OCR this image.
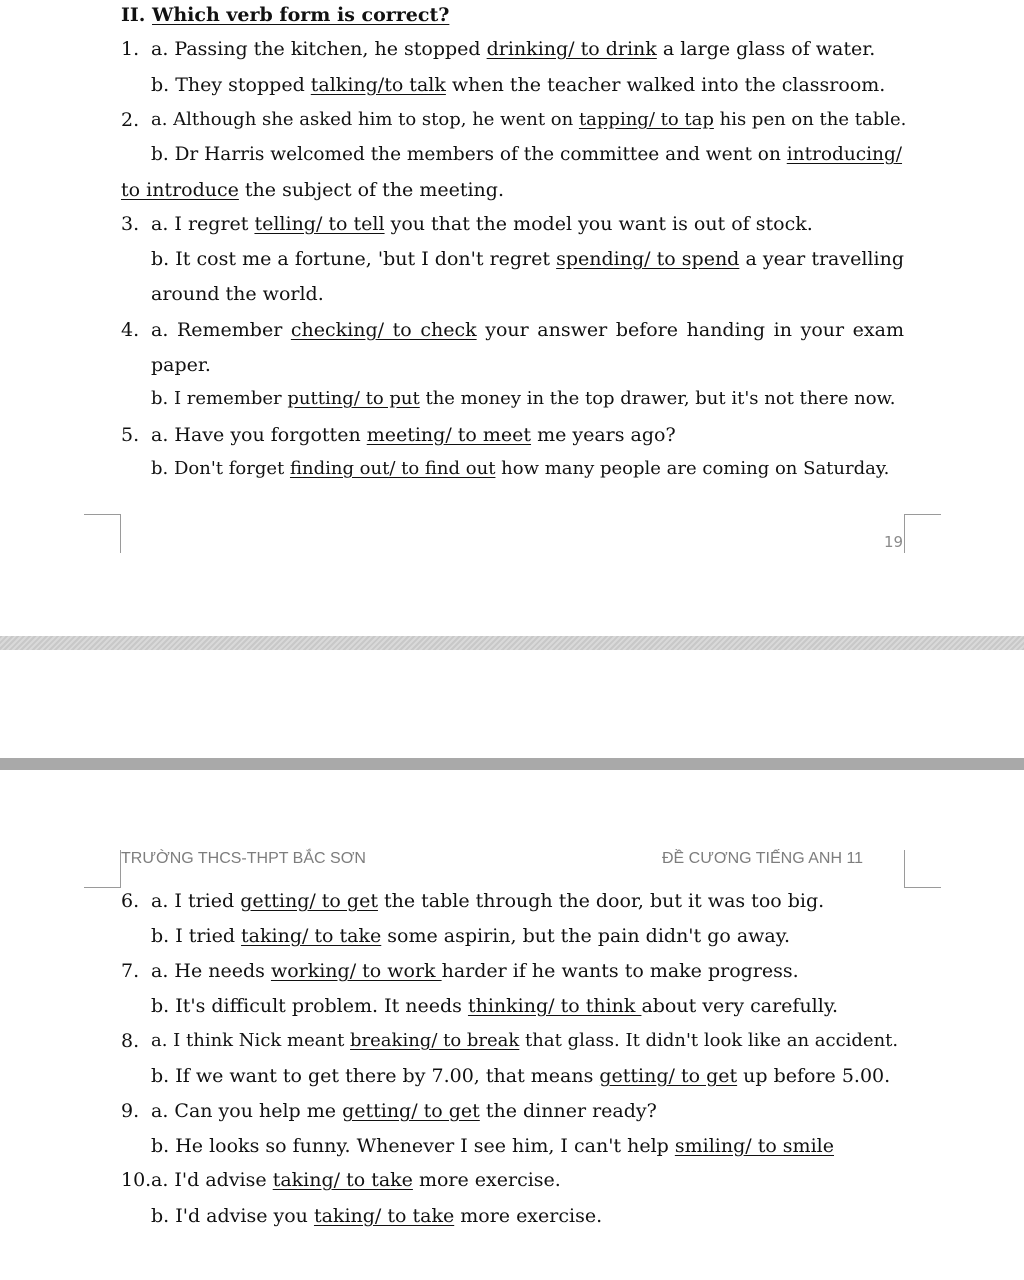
II. Which verb form is correct?
1. a. Passing the kitchen, he stopped drinking/ to drink a large glass of water.
b. They stopped talking/to talk when the teacher walked into the classroom.
2. a. Although she asked him to stop, he went on tapping/ to tap his pen on the table.
b. Dr Harris welcomed the members of the committee and went on introducing/
to introduce the subject of the meeting.
3. a. I regret telling/ to tell you that the model you want is out of stock.
b. It cost me a fortune, 'but I don't regret spending/ to spend a year travelling
around the world.
4. a. Remember checking/ to check your answer before handing in your exam
paper.
b. I remember putting/ to put the money in the top drawer, but it's not there now.
5. a. Have you forgotten meeting/ to meet me years ago?
b. Don't forget finding out/ to find out how many people are coming on Saturday.
19
TRƯỜNG THCS-THPT BẮC SƠN	ĐỀ CƯƠNG TIẾNG ANH 11
6. a. I tried getting/ to get the table through the door, but it was too big.
b. I tried taking/ to take some aspirin, but the pain didn't go away.
7. a. He needs working/ to work harder if he wants to make progress.
b. It's difficult problem. It needs thinking/ to think about very carefully.
8. a. I think Nick meant breaking/ to break that glass. It didn't look like an accident.
b. If we want to get there by 7.00, that means getting/ to get up before 5.00.
9. a. Can you help me getting/ to get the dinner ready?
b. He looks so funny. Whenever I see him, I can't help smiling/ to smile
10. a. I'd advise taking/ to take more exercise.
b. I'd advise you taking/ to take more exercise.
